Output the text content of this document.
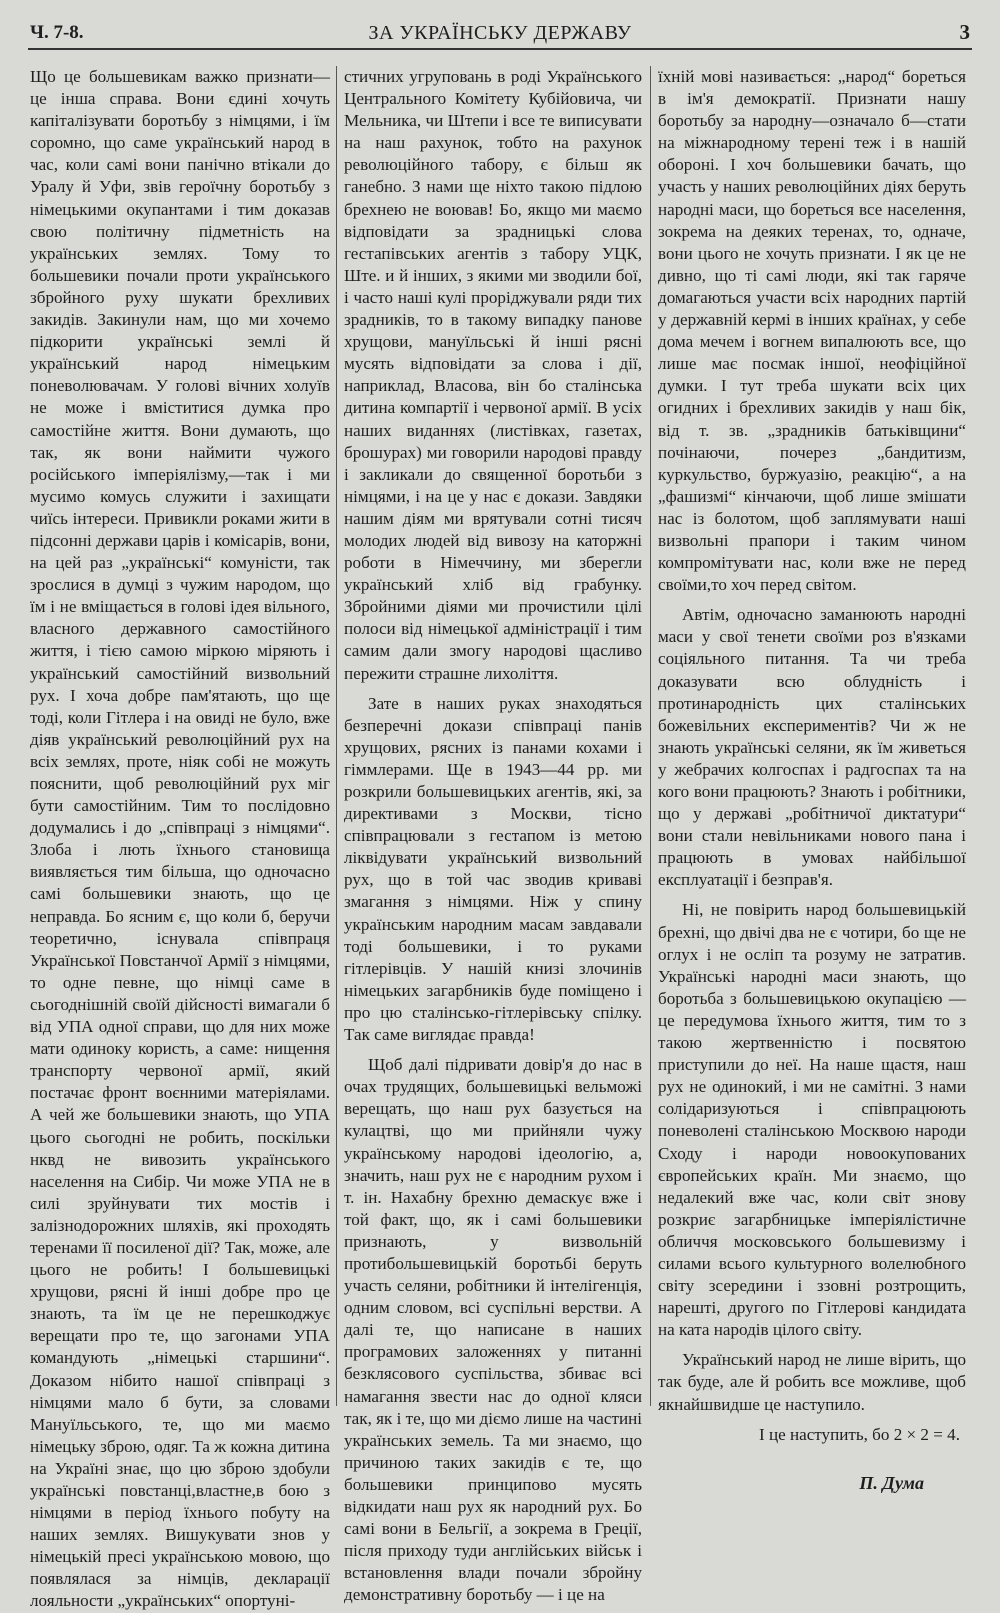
Ч. 7-8.	ЗА УКРАЇНСЬКУ ДЕРЖАВУ	3

Що це большевикам важко признати—це інша справа. Вони єдині хочуть капіталізувати боротьбу з німцями, і їм соромно, що саме український народ в час, коли самі вони панічно втікали до Уралу й Уфи, звів героїчну боротьбу з німецькими окупантами і тим доказав свою політичну підметність на українських землях. Тому то большевики почали проти українського збройного руху шукати брехливих закидів. Закинули нам, що ми хочемо підкорити українські землі й український народ німецьким поневолювачам. У голові вічних холуїв не може і вміститися думка про самостійне життя. Вони думають, що так, як вони наймити чужого російського імперіялізму,—так і ми мусимо комусь служити і захищати чиїсь інтереси. Привикли роками жити в підсонні держави царів і комісарів, вони, на цей раз „українські“ комуністи, так зрослися в думці з чужим народом, що їм і не вміщається в голові ідея вільного, власного державного самостійного життя, і тією самою міркою міряють і український самостійний визвольний рух. І хоча добре пам'ятають, що ще тоді, коли Гітлера і на овиді не було, вже діяв український революційний рух на всіх землях, проте, ніяк собі не можуть пояснити, щоб революційний рух міг бути самостійним. Тим то послідовно додумались і до „співпраці з німцями“. Злоба і лють їхнього становища виявляється тим більша, що одночасно самі большевики знають, що це неправда. Бо ясним є, що коли б, беручи теоретично, існувала співпраця Української Повстанчої Армії з німцями, то одне певне, що німці саме в сьогоднішній своїй дійсності вимагали б від УПА одної справи, що для них може мати одинокy користь, а саме: нищення транспорту червоної армії, який постачає фронт воєнними матеріялами. А чей же большевики знають, що УПА цього сьогодні не робить, поскільки нквд не вивозить українського населення на Сибір. Чи може УПА не в силі зруйнувати тих мостів і залізнодорожних шляхів, які проходять теренами її посиленої дії? Так, може, але цього не робить! І большевицькі хрущови, рясні й інші добре про це знають, та їм це не перешкоджує верещати про те, що загонами УПА командують „німецькі старшини“. Доказом нібито нашої співпраці з німцями мало б бути, за словами Мануїльського, те, що ми маємо німецьку зброю, одяг. Та ж кожна дитина на Україні знає, що цю зброю здобули українські повстанці,властне,в бою з німцями в період їхнього побуту на наших землях. Вишукувати знов у німецькій пресі українською мовою, що появлялася за німців, декларації лояльности „українських“ опортуні-

стичних угруповань в роді Українського Центрального Комітету Кубійовича, чи Мельника, чи Штепи і все те виписувати на наш рахунок, тобто на рахунок революційного табору, є більш як ганебно. З нами ще ніхто такою підлою брехнею не воював! Бо, якщо ми маємо відповідати за зрадницькі слова гестапівських агентів з табору УЦК, Ште. и й інших, з якими ми зводили бої, і часто наші кулі проріджували ряди тих зрадників, то в такому випадку панове хрущови, мануїльські й інші рясні мусять відповідати за слова і дії, наприклад, Власова, він бо сталінська дитина компартії і червоної армії. В усіх наших виданнях (листівках, газетах, брошурах) ми говорили народові правду і закликали до священної боротьби з німцями, і на це у нас є докази. Завдяки нашим діям ми врятували сотні тисяч молодих людей від вивозу на каторжні роботи в Німеччину, ми зберегли український хліб від грабунку. Збройними діями ми прочистили цілі полоси від німецької адміністрації і тим самим дали змогу народові щасливо пережити страшне лихоліття.

Зате в наших руках знаходяться безперечні докази співпраці панів хрущових, рясних із панами кохами і гіммлерами. Ще в 1943—44 рр. ми розкрили большевицьких агентів, які, за директивами з Москви, тісно співпрацювали з гестапом із метою ліквідувати український визвольний рух, що в той час зводив криваві змагання з німцями. Ніж у спину українським народним масам завдавали тоді большевики, і то руками гітлерівців. У нашій книзі злочинів німецьких загарбників буде поміщено і про цю сталінсько-гітлерівську спілку. Так саме виглядає правда!

Щоб далі підривати довір'я до нас в очах трудящих, большевицькі вельможі верещать, що наш рух базується на кулацтві, що ми прийняли чужу українському народові ідеологію, а, значить, наш рух не є народним рухом і т. ін. Нахабну брехню демаскує вже і той факт, що, як і самі большевики признають, у визвольній протибольшевицькій боротьбі беруть участь селяни, робітники й інтелігенція, одним словом, всі суспільні верстви. А далі те, що написане в наших програмових заложеннях у питанні безклясового суспільства, збиває всі намагання звести нас до одної кляси так, як і те, що ми діємо лише на частині українських земель. Та ми знаємо, що причиною таких закидів є те, що большевики принципово мусять відкидати наш рух як народний рух. Бо самі вони в Бельгії, а зокрема в Греції, після приходу туди англійських військ і встановлення влади почали збройну демонстративну боротьбу — і це на

їхній мові називається: „народ“ бореться в ім'я демократії. Признати нашу боротьбу за народну—означало б—стати на міжнародному терені теж і в нашій обороні. І хоч большевики бачать, що участь у наших революційних діях беруть народні маси, що бореться все населення, зокрема на деяких теренах, то, одначе, вони цього не хочуть признати. І як це не дивно, що ті самі люди, які так гаряче домагаються участи всіх народних партій у державній кермі в інших країнах, у себе дома мечем і вогнем випалюють все, що лише має посмак іншої, неофіційної думки. І тут треба шукати всіх цих огидних і брехливих закидів у наш бік, від т. зв. „зрадників батьківщини“ почінаючи, почерез „бандитизм, куркульство, буржуазію, реакцію“, а на „фашизмі“ кінчаючи, щоб лише змішати нас із болотом, щоб заплямувати наші визвольні прапори і таким чином компромітувати нас, коли вже не перед своїми,то хоч перед світом.

Автім, одночасно заманюють народні маси у свої тенети своїми роз в'язками соціяльного питання. Та чи треба доказувати всю облудність і протинародність цих сталінських божевільних експериментів? Чи ж не знають українські селяни, як їм живеться у жебрачих колгоспах і радгоспах та на кого вони працюють? Знають і робітники, що у державі „робітничої диктатури“ вони стали невільниками нового пана і працюють в умовах найбільшої експлуатації і безправ'я.

Ні, не повірить народ большевицькій брехні, що двічі два не є чотири, бо ще не оглух і не осліп та розуму не затратив. Українські народні маси знають, що боротьба з большевицькою окупацією — це передумова їхнього життя, тим то з такою жертвенністю і посвятою приступили до неї. На наше щастя, наш рух не одинокий, і ми не самітні. З нами солідаризуються і співпрацюють поневолені сталінською Москвою народи Сходу і народи новоокупованих європейських країн. Ми знаємо, що недалекий вже час, коли світ знову розкриє загарбницьке імперіялістичне обличчя московського большевизму і силами всього культурного волелюбного світу зсередини і ззовні розтрощить, нарешті, другого по Гітлерові кандидата на ката народів цілого світу.

Український народ не лише вірить, що так буде, але й робить все можливе, щоб якнайшвидше це наступило.

І це наступить, бо 2 × 2 = 4.

П. Дума
